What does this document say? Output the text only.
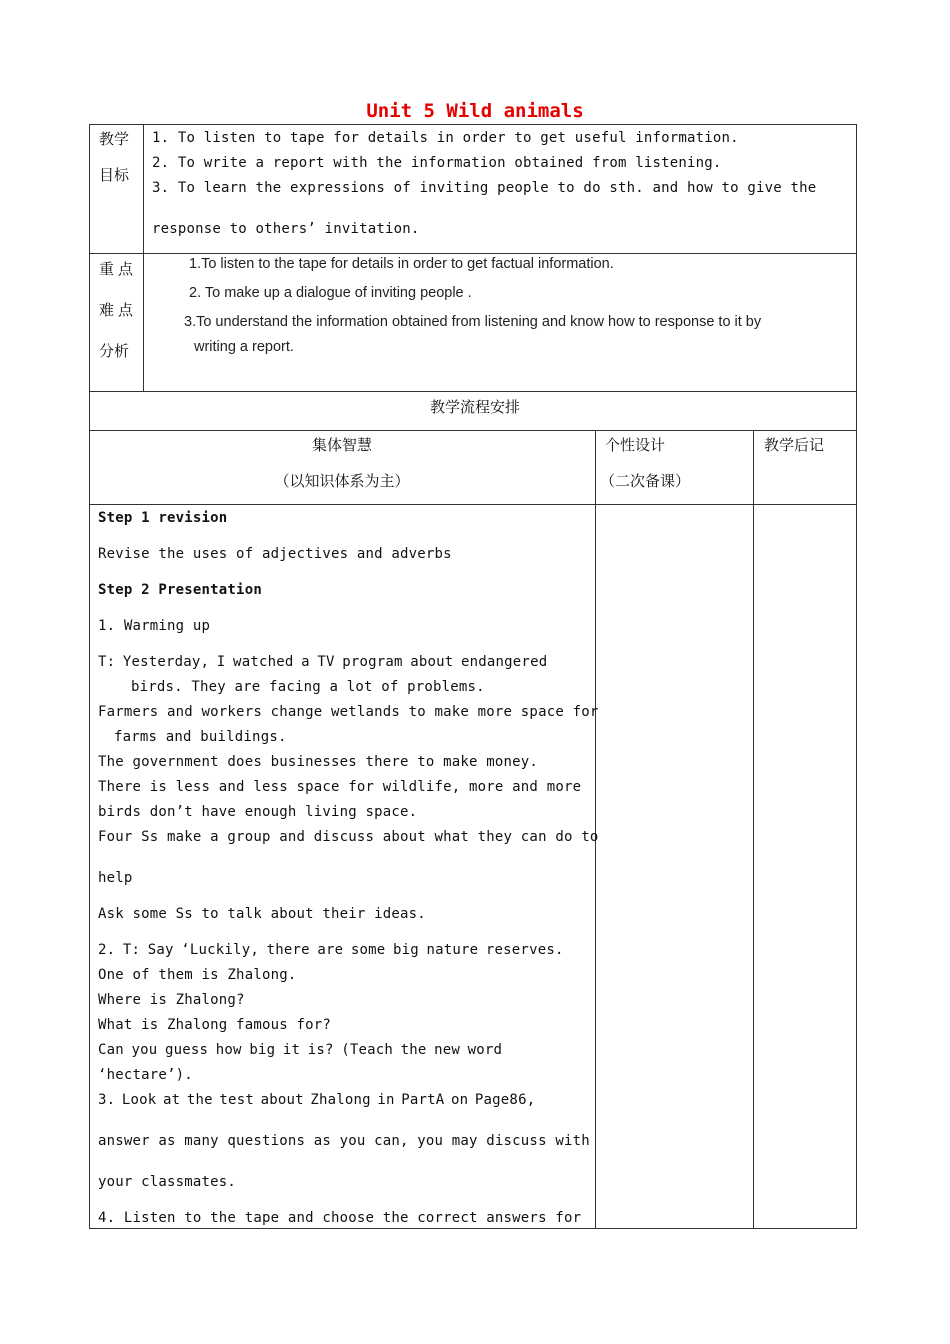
Unit 5 Wild animals
教学
目标
1. To listen to tape for details in order to get useful information.
2. To write a report with the information obtained from listening.
3. To learn the expressions of inviting people to do sth. and how to give the
response to others’ invitation.
重点
难点
分析
1.To listen to the tape for details in order to get factual information.
2. To make up a dialogue of inviting people .
3.To understand the information obtained from listening and know how to response to it by
writing a report.
教学流程安排
集体智慧
（以知识体系为主）
个性设计
（二次备课）
教学后记
Step 1 revision
Revise the uses of adjectives and adverbs
Step 2 Presentation
1. Warming up
T: Yesterday, I watched a TV program about endangered
birds. They are facing a lot of problems.
Farmers and workers change wetlands to make more space for
farms and buildings.
The government does businesses there to make money.
There is less and less space for wildlife, more and more
birds don’t have enough living space.
Four Ss make a group and discuss about what they can do to
help
Ask some Ss to talk about their ideas.
2. T: Say ‘Luckily, there are some big nature reserves.
One of them is Zhalong.
Where is Zhalong?
What is Zhalong famous for?
Can you guess how big it is? (Teach the new word
‘hectare’).
3. Look at the test about Zhalong in PartA on Page86,
answer as many questions as you can, you may discuss with
your classmates.
4. Listen to the tape and choose the correct answers for
